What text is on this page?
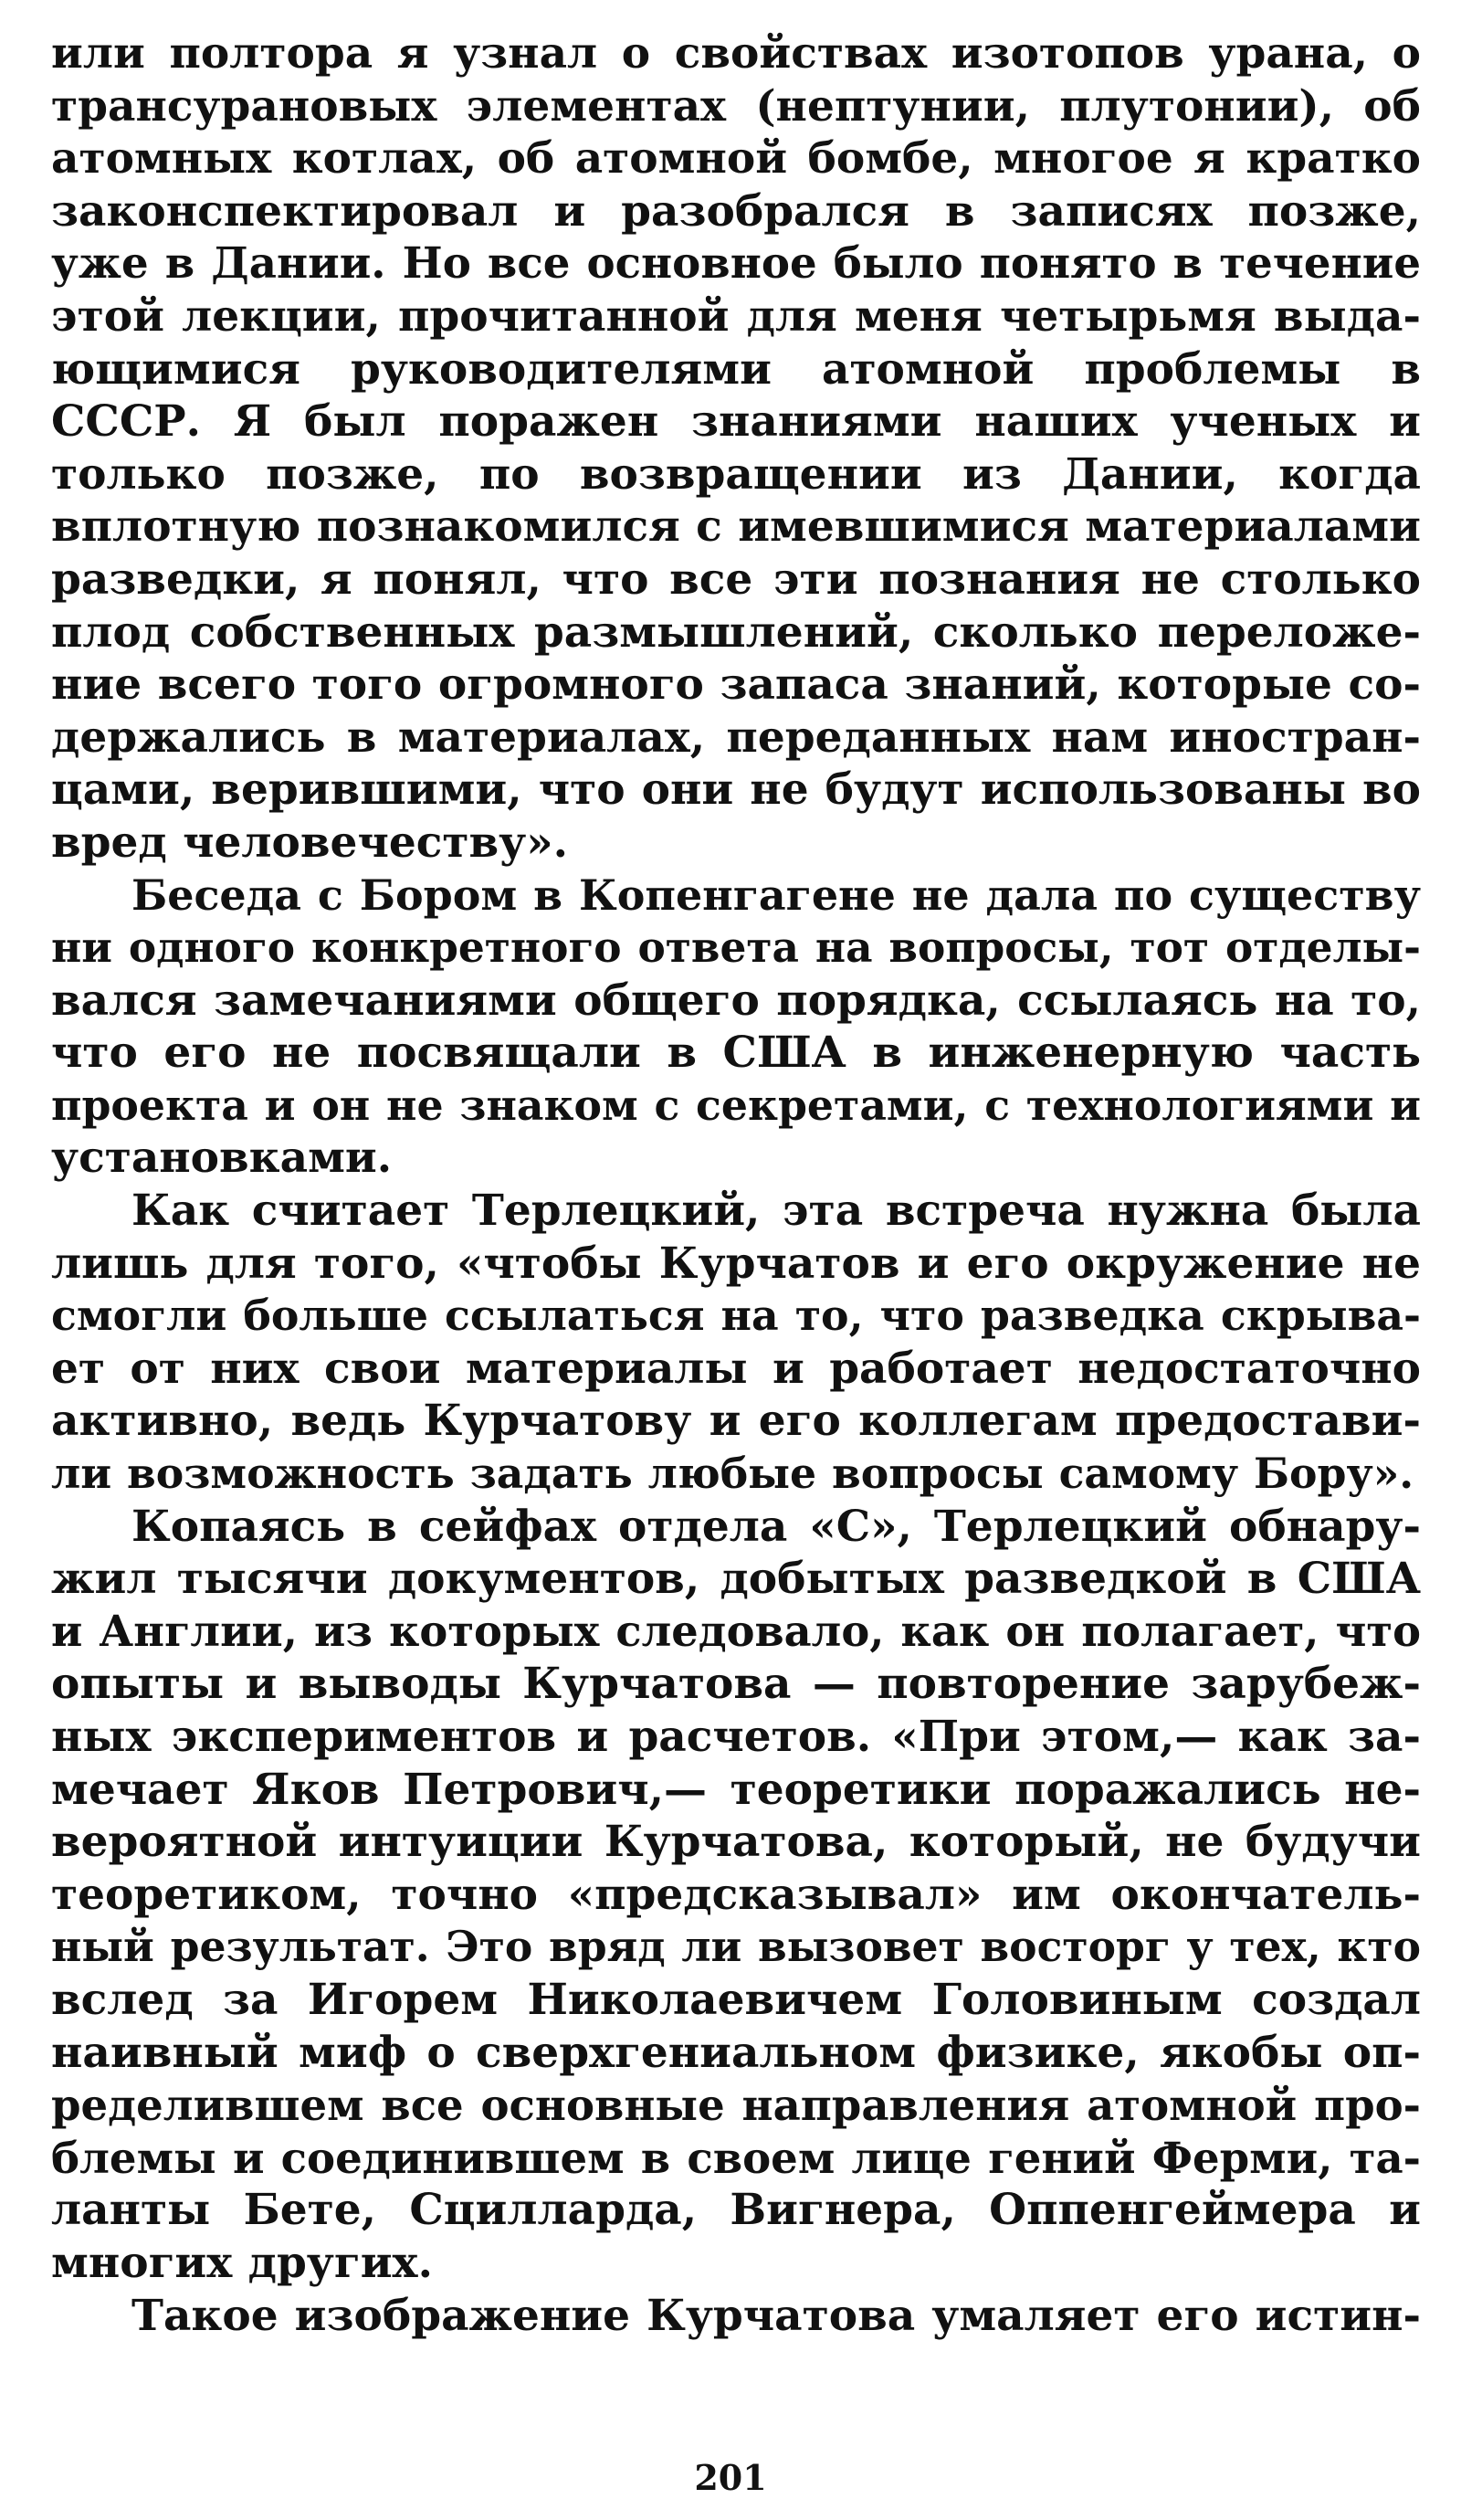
или полтора я узнал о свойствах изотопов урана, о
трансурановых элементах (нептунии, плутонии), об
атомных котлах, об атомной бомбе, многое я кратко
законспектировал и разобрался в записях позже,
уже в Дании. Но все основное было понято в течение
этой лекции, прочитанной для меня четырьмя выда-
ющимися руководителями атомной проблемы в
СССР. Я был поражен знаниями наших ученых и
только позже, по возвращении из Дании, когда
вплотную познакомился с имевшимися материалами
разведки, я понял, что все эти познания не столько
плод собственных размышлений, сколько переложе-
ние всего того огромного запаса знаний, которые со-
держались в материалах, переданных нам иностран-
цами, верившими, что они не будут использованы во
вред человечеству».
Беседа с Бором в Копенгагене не дала по существу
ни одного конкретного ответа на вопросы, тот отделы-
вался замечаниями общего порядка, ссылаясь на то,
что его не посвящали в США в инженерную часть
проекта и он не знаком с секретами, с технологиями и
установками.
Как считает Терлецкий, эта встреча нужна была
лишь для того, «чтобы Курчатов и его окружение не
смогли больше ссылаться на то, что разведка скрыва-
ет от них свои материалы и работает недостаточно
активно, ведь Курчатову и его коллегам предостави-
ли возможность задать любые вопросы самому Бору».
Копаясь в сейфах отдела «С», Терлецкий обнару-
жил тысячи документов, добытых разведкой в США
и Англии, из которых следовало, как он полагает, что
опыты и выводы Курчатова — повторение зарубеж-
ных экспериментов и расчетов. «При этом,— как за-
мечает Яков Петрович,— теоретики поражались не-
вероятной интуиции Курчатова, который, не будучи
теоретиком, точно «предсказывал» им окончатель-
ный результат. Это вряд ли вызовет восторг у тех, кто
вслед за Игорем Николаевичем Головиным создал
наивный миф о сверхгениальном физике, якобы оп-
ределившем все основные направления атомной про-
блемы и соединившем в своем лице гений Ферми, та-
ланты Бете, Сцилларда, Вигнера, Оппенгеймера и
многих других.
Такое изображение Курчатова умаляет его истин-
201
